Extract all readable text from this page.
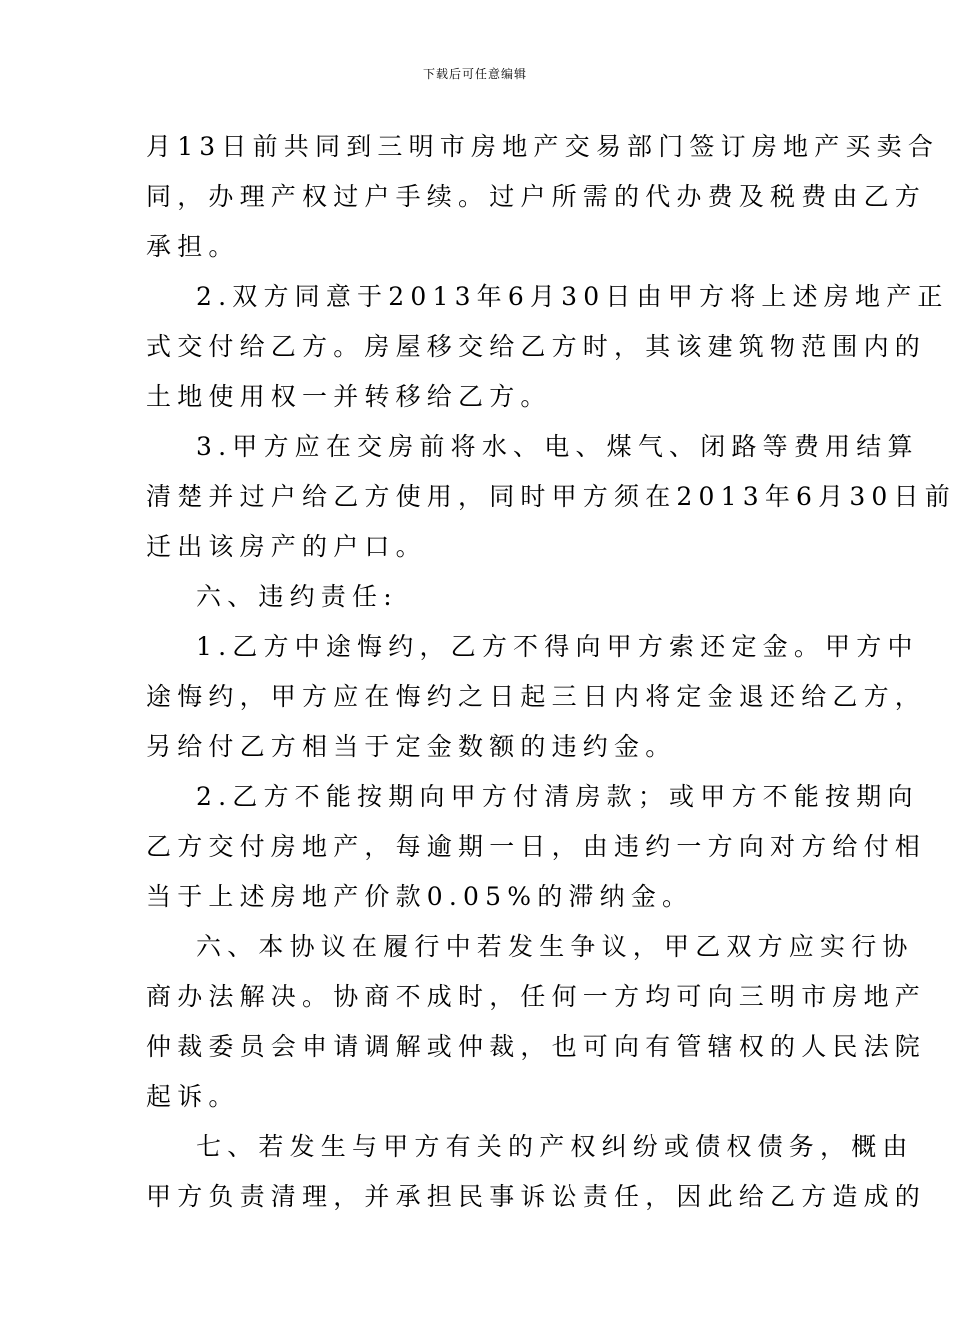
下载后可任意编辑
月13日前共同到三明市房地产交易部门签订房地产买卖合
同，办理产权过户手续。过户所需的代办费及税费由乙方
承担。
2.双方同意于2013年6月30日由甲方将上述房地产正
式交付给乙方。房屋移交给乙方时，其该建筑物范围内的
土地使用权一并转移给乙方。
3.甲方应在交房前将水、电、煤气、闭路等费用结算
清楚并过户给乙方使用，同时甲方须在2013年6月30日前
迁出该房产的户口。
六、违约责任:
1.乙方中途悔约，乙方不得向甲方索还定金。甲方中
途悔约，甲方应在悔约之日起三日内将定金退还给乙方，
另给付乙方相当于定金数额的违约金。
2.乙方不能按期向甲方付清房款；或甲方不能按期向
乙方交付房地产，每逾期一日，由违约一方向对方给付相
当于上述房地产价款0.05%的滞纳金。
六、本协议在履行中若发生争议，甲乙双方应实行协
商办法解决。协商不成时，任何一方均可向三明市房地产
仲裁委员会申请调解或仲裁，也可向有管辖权的人民法院
起诉。
七、若发生与甲方有关的产权纠纷或债权债务，概由
甲方负责清理，并承担民事诉讼责任，因此给乙方造成的
